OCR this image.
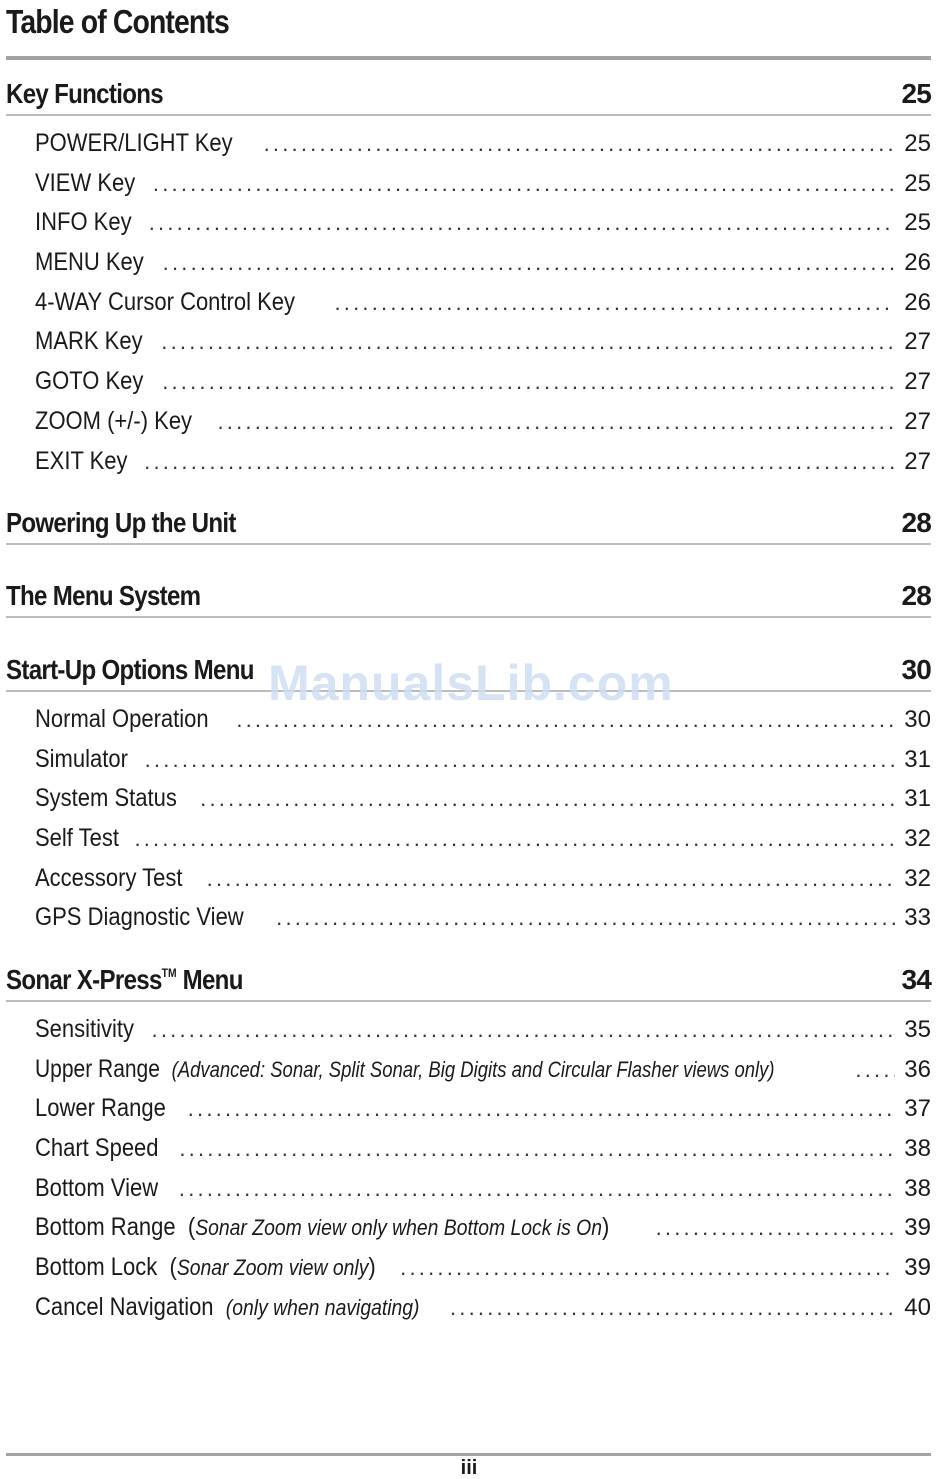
Table of Contents
Key Functions	25
POWER/LIGHT Key .....	25
VIEW Key .....	25
INFO Key .....	25
MENU Key .....	26
4-WAY Cursor Control Key .....	26
MARK Key .....	27
GOTO Key .....	27
ZOOM (+/-) Key .....	27
EXIT Key .....	27
Powering Up the Unit	28
The Menu System	28
Start-Up Options Menu	30
Normal Operation .....	30
Simulator .....	31
System Status .....	31
Self Test .....	32
Accessory Test .....	32
GPS Diagnostic View .....	33
Sonar X-Press™ Menu	34
Sensitivity .....	35
Upper Range (Advanced: Sonar, Split Sonar, Big Digits and Circular Flasher views only) .....	36
Lower Range .....	37
Chart Speed .....	38
Bottom View .....	38
Bottom Range (Sonar Zoom view only when Bottom Lock is On) .....	39
Bottom Lock (Sonar Zoom view only) .....	39
Cancel Navigation (only when navigating) .....	40
ManualsLib.com
iii
